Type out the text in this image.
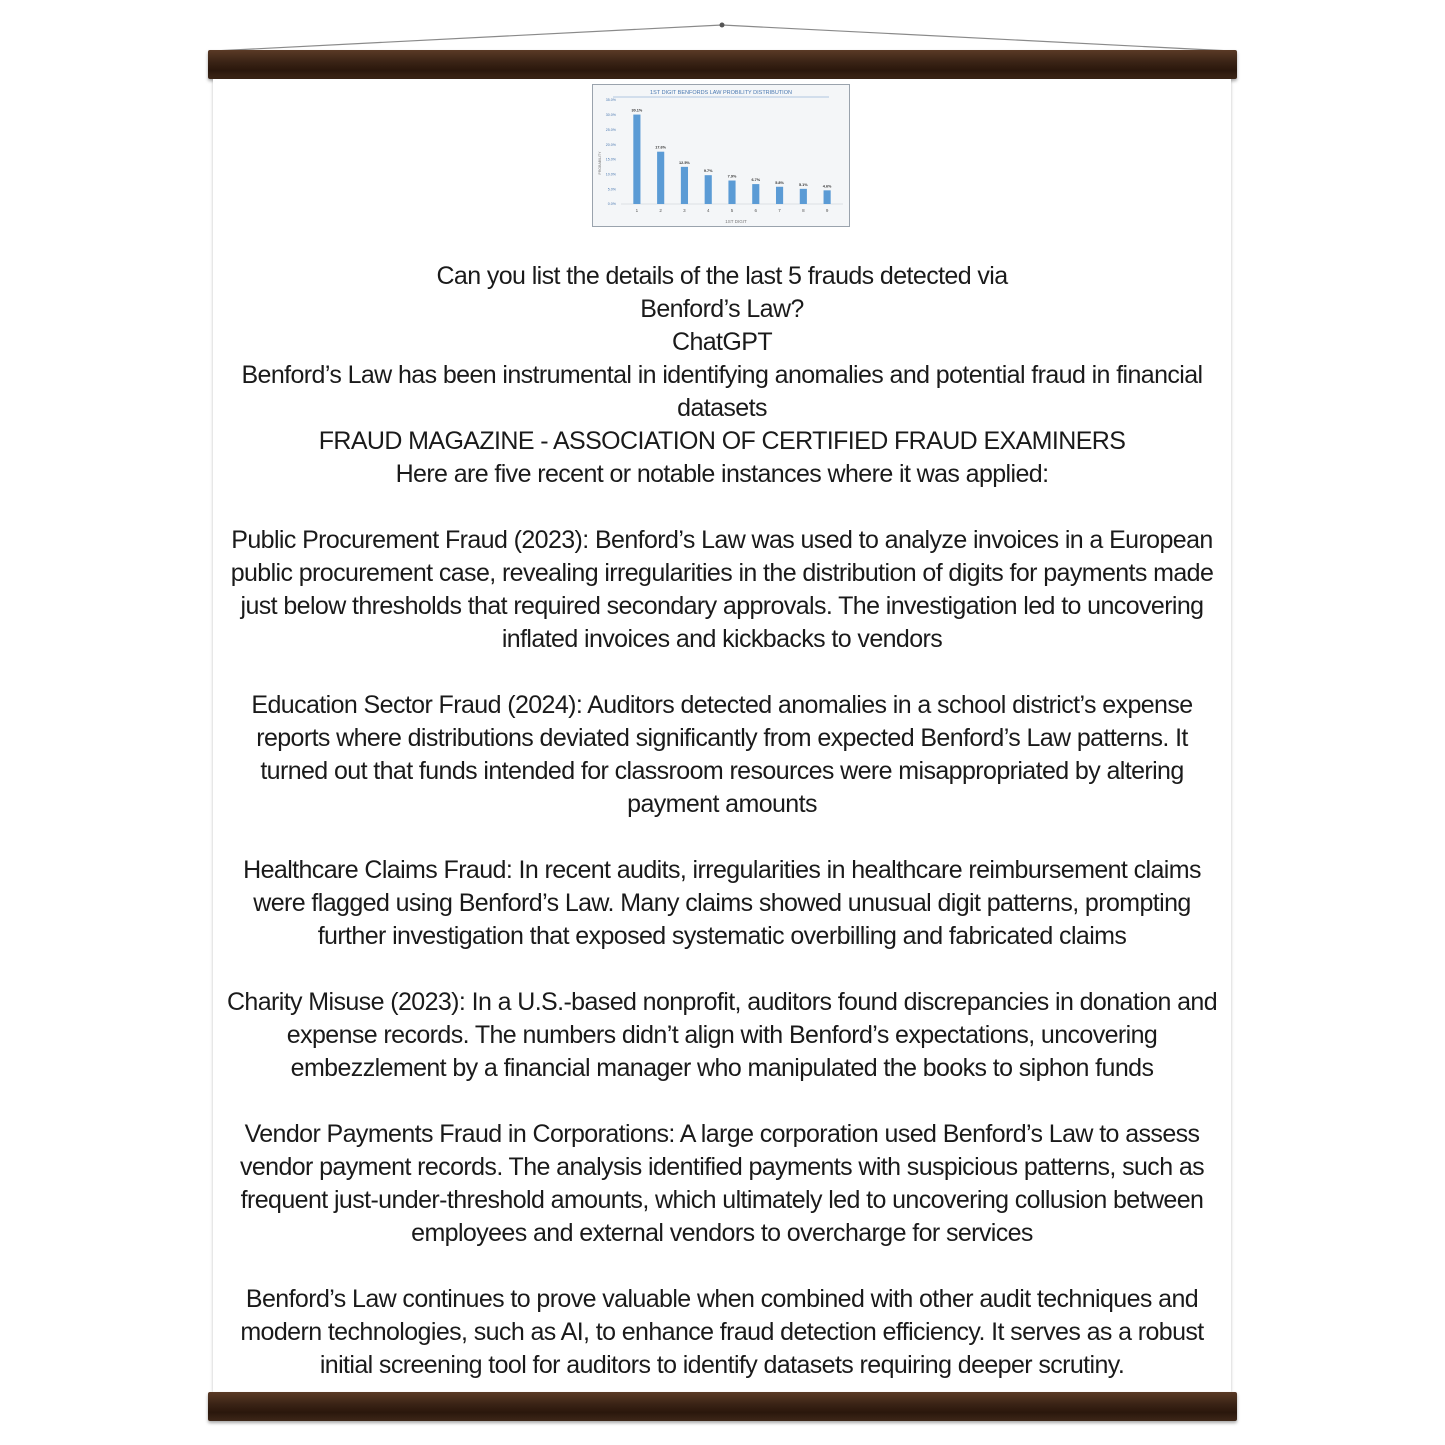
1ST DIGIT BENFORDS LAW PROBILITY DISTRIBUTION
PROBABILITY
1ST DIGIT
0.0%
5.0%
10.0%
15.0%
20.0%
25.0%
30.0%
35.0%
30.1%
17.6%
12.5%
9.7%
7.9%
6.7%
5.8%
5.1%	4.6%
1	2	3	4	5	6	7	8	9

Can you list the details of the last 5 frauds detected via

Benford’s Law?

ChatGPT

Benford’s Law has been instrumental in identifying anomalies and potential fraud in financial datasets

FRAUD MAGAZINE - ASSOCIATION OF CERTIFIED FRAUD EXAMINERS

Here are five recent or notable instances where it was applied:

Public Procurement Fraud (2023): Benford’s Law was used to analyze invoices in a European public procurement case, revealing irregularities in the distribution of digits for payments made just below thresholds that required secondary approvals. The investigation led to uncovering inflated invoices and kickbacks to vendors

Education Sector Fraud (2024): Auditors detected anomalies in a school district’s expense reports where distributions deviated significantly from expected Benford’s Law patterns. It turned out that funds intended for classroom resources were misappropriated by altering payment amounts

Healthcare Claims Fraud: In recent audits, irregularities in healthcare reimbursement claims were flagged using Benford’s Law. Many claims showed unusual digit patterns, prompting further investigation that exposed systematic overbilling and fabricated claims

Charity Misuse (2023): In a U.S.-based nonprofit, auditors found discrepancies in donation and expense records. The numbers didn’t align with Benford’s expectations, uncovering embezzlement by a financial manager who manipulated the books to siphon funds

Vendor Payments Fraud in Corporations: A large corporation used Benford’s Law to assess vendor payment records. The analysis identified payments with suspicious patterns, such as frequent just-under-threshold amounts, which ultimately led to uncovering collusion between employees and external vendors to overcharge for services

Benford’s Law continues to prove valuable when combined with other audit techniques and modern technologies, such as AI, to enhance fraud detection efficiency. It serves as a robust initial screening tool for auditors to identify datasets requiring deeper scrutiny.
